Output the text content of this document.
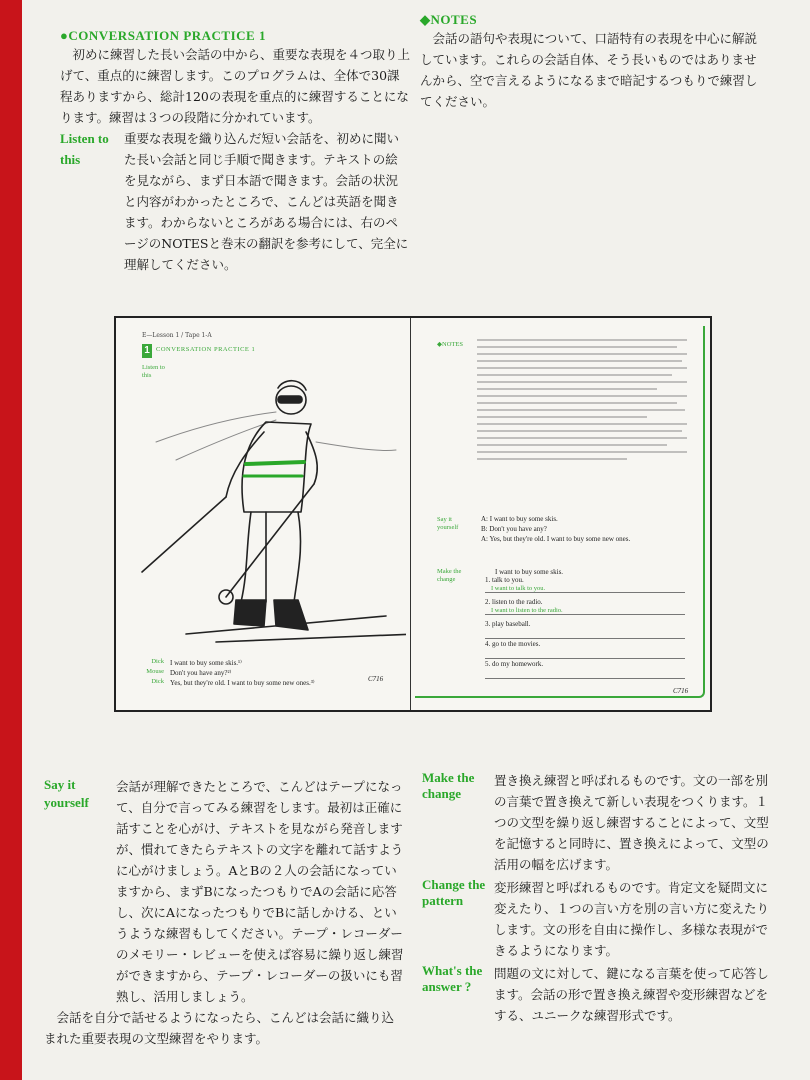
●CONVERSATION PRACTICE 1
　初めに練習した長い会話の中から、重要な表現を４つ取り上げて、重点的に練習します。このプログラムは、全体で30課程ありますから、総計120の表現を重点的に練習することになります。練習は３つの段階に分かれています。
Listen to this
重要な表現を織り込んだ短い会話を、初めに聞いた長い会話と同じ手順で聞きます。テキストの絵を見ながら、まず日本語で聞きます。会話の状況と内容がわかったところで、こんどは英語を聞きます。わからないところがある場合には、右のページのNOTESと巻末の翻訳を参考にして、完全に理解してください。
◆NOTES
　会話の語句や表現について、口語特有の表現を中心に解説しています。これらの会話自体、そう長いものではありませんから、空で言えるようになるまで暗記するつもりで練習してください。
E—Lesson 1 / Tape 1-A
1 CONVERSATION PRACTICE 1
Listen to this
Dick I want to buy some skis.¹⁾
Mouse Don't you have any?²⁾
Dick Yes, but they're old. I want to buy some new ones.³⁾	C716
◆NOTES
Say it yourself
A: I want to buy some skis.
B: Don't you have any?
A: Yes, but they're old. I want to buy some new ones.
Make the change
I want to buy some skis.
1. talk to you.
I want to talk to you.
2. listen to the radio.
I want to listen to the radio.
3. play baseball.
4. go to the movies.
5. do my homework.
C716
Say it yourself
会話が理解できたところで、こんどはテープになって、自分で言ってみる練習をします。最初は正確に話すことを心がけ、テキストを見ながら発音しますが、慣れてきたらテキストの文字を離れて話すように心がけましょう。AとBの２人の会話になっていますから、まずBになったつもりでAの会話に応答し、次にAになったつもりでBに話しかける、というような練習もしてください。テープ・レコーダーのメモリー・レビューを使えば容易に繰り返し練習ができますから、テープ・レコーダーの扱いにも習熟し、活用しましょう。
　会話を自分で話せるようになったら、こんどは会話に織り込まれた重要表現の文型練習をやります。
Make the change
置き換え練習と呼ばれるものです。文の一部を別の言葉で置き換えて新しい表現をつくります。１つの文型を繰り返し練習することによって、文型を記憶すると同時に、置き換えによって、文型の活用の幅を広げます。
Change the pattern
変形練習と呼ばれるものです。肯定文を疑問文に変えたり、１つの言い方を別の言い方に変えたりします。文の形を自由に操作し、多様な表現ができるようになります。
What's the answer ?
問題の文に対して、鍵になる言葉を使って応答します。会話の形で置き換え練習や変形練習などをする、ユニークな練習形式です。
